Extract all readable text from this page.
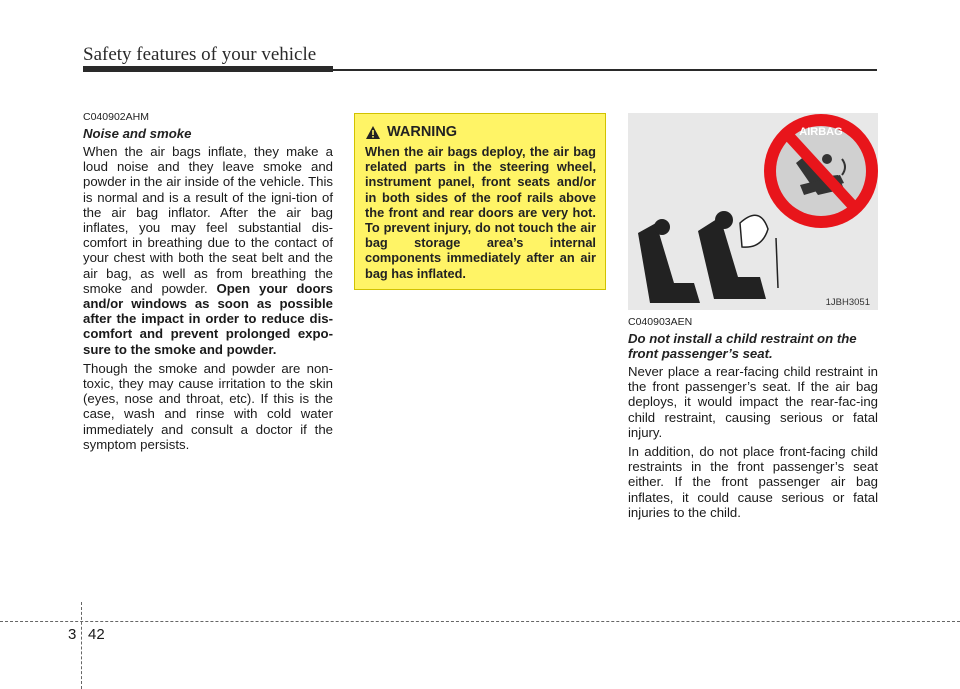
Safety features of your vehicle
C040902AHM
Noise and smoke

When the air bags inflate, they make a loud noise and they leave smoke and powder in the air inside of the vehicle. This is normal and is a result of the igni-tion of the air bag inflator. After the air bag inflates, you may feel substantial dis-comfort in breathing due to the contact of your chest with both the seat belt and the air bag, as well as from breathing the smoke and powder. Open your doors and/or windows as soon as possible after the impact in order to reduce dis-comfort and prevent prolonged expo-sure to the smoke and powder.

Though the smoke and powder are non-toxic, they may cause irritation to the skin (eyes, nose and throat, etc). If this is the case, wash and rinse with cold water immediately and consult a doctor if the symptom persists.

WARNING
When the air bags deploy, the air bag related parts in the steering wheel, instrument panel, front seats and/or in both sides of the roof rails above the front and rear doors are very hot. To prevent injury, do not touch the air bag storage area’s internal components immediately after an air bag has inflated.
AIRBAG
1JBH3051
C040903AEN
Do not install a child restraint on the front passenger’s seat.

Never place a rear-facing child restraint in the front passenger’s seat. If the air bag deploys, it would impact the rear-fac-ing child restraint, causing serious or fatal injury.

In addition, do not place front-facing child restraints in the front passenger’s seat either. If the front passenger air bag inflates, it could cause serious or fatal injuries to the child.

3 42
